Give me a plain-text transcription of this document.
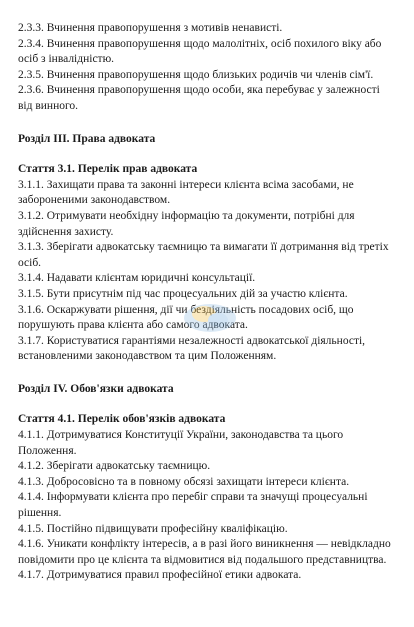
2.3.3. Вчинення правопорушення з мотивів ненависті.

2.3.4. Вчинення правопорушення щодо малолітніх, осіб похилого віку або осіб з інвалідністю.

2.3.5. Вчинення правопорушення щодо близьких родичів чи членів сім'ї.

2.3.6. Вчинення правопорушення щодо особи, яка перебуває у залежності від винного.

Розділ III. Права адвоката

Стаття 3.1. Перелік прав адвоката

3.1.1. Захищати права та законні інтереси клієнта всіма засобами, не забороненими законодавством.

3.1.2. Отримувати необхідну інформацію та документи, потрібні для здійснення захисту.

3.1.3. Зберігати адвокатську таємницю та вимагати її дотримання від третіх осіб.

3.1.4. Надавати клієнтам юридичні консультації.

3.1.5. Бути присутнім під час процесуальних дій за участю клієнта.

3.1.6. Оскаржувати рішення, дії чи бездіяльність посадових осіб, що порушують права клієнта або самого адвоката.

3.1.7. Користуватися гарантіями незалежності адвокатської діяльності, встановленими законодавством та цим Положенням.

Розділ IV. Обов'язки адвоката

Стаття 4.1. Перелік обов'язків адвоката

4.1.1. Дотримуватися Конституції України, законодавства та цього Положення.

4.1.2. Зберігати адвокатську таємницю.

4.1.3. Добросовісно та в повному обсязі захищати інтереси клієнта.

4.1.4. Інформувати клієнта про перебіг справи та значущі процесуальні рішення.

4.1.5. Постійно підвищувати професійну кваліфікацію.

4.1.6. Уникати конфлікту інтересів, а в разі його виникнення — невідкладно повідомити про це клієнта та відмовитися від подальшого представництва.

4.1.7. Дотримуватися правил професійної етики адвоката.
